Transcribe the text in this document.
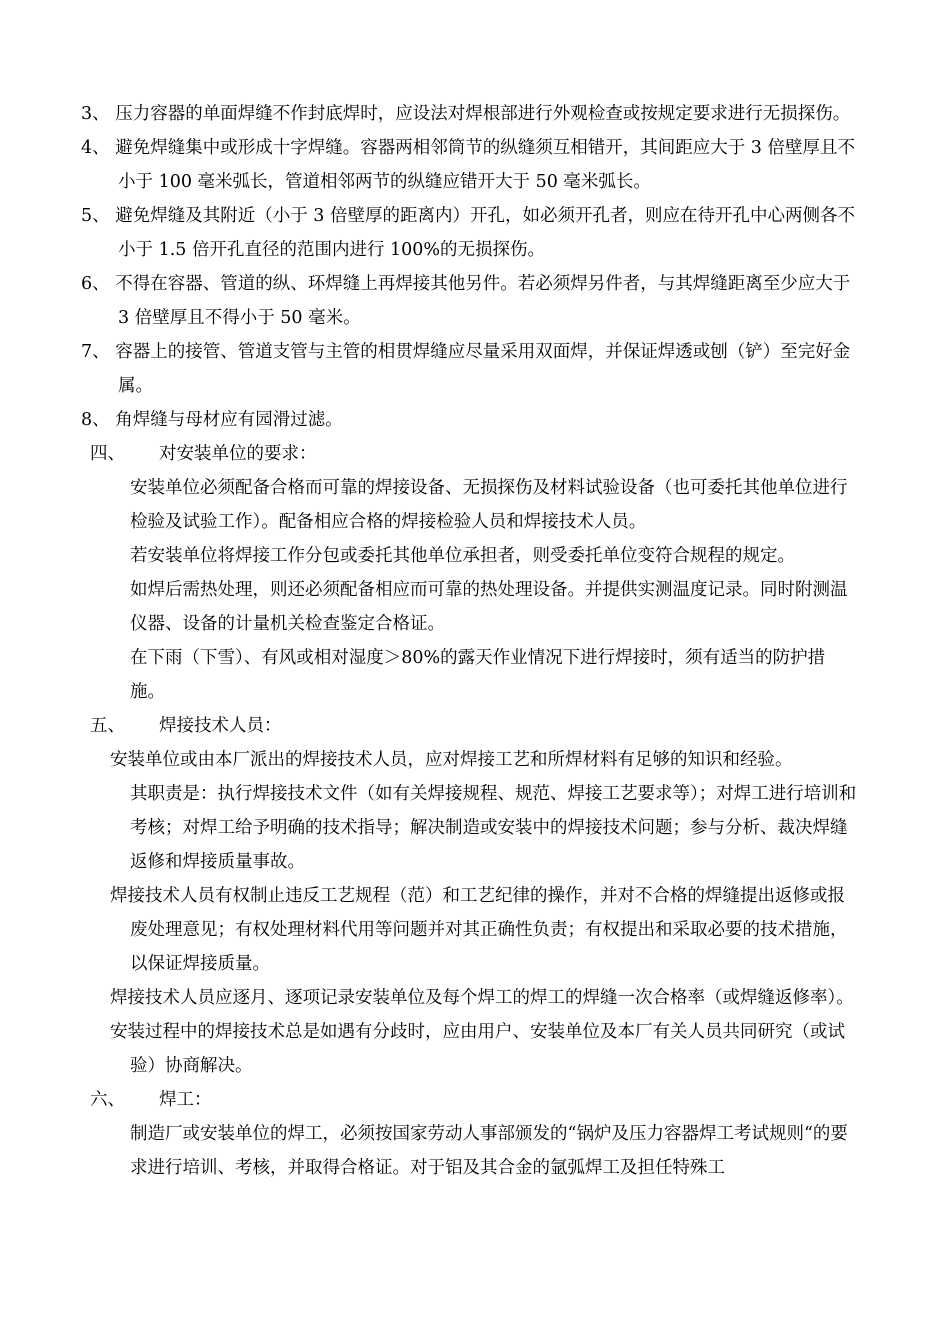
3、 压力容器的单面焊缝不作封底焊时，应设法对焊根部进行外观检查或按规定要求进行无损探伤。

4、 避免焊缝集中或形成十字焊缝。容器两相邻筒节的纵缝须互相错开，其间距应大于 3 倍壁厚且不小于 100 毫米弧长，管道相邻两节的纵缝应错开大于 50 毫米弧长。

5、 避免焊缝及其附近（小于 3 倍壁厚的距离内）开孔，如必须开孔者，则应在待开孔中心两侧各不小于 1.5 倍开孔直径的范围内进行 100%的无损探伤。

6、 不得在容器、管道的纵、环焊缝上再焊接其他另件。若必须焊另件者，与其焊缝距离至少应大于 3 倍壁厚且不得小于 50 毫米。

7、 容器上的接管、管道支管与主管的相贯焊缝应尽量采用双面焊，并保证焊透或刨（铲）至完好金属。

8、 角焊缝与母材应有园滑过滤。

四、 对安装单位的要求：

安装单位必须配备合格而可靠的焊接设备、无损探伤及材料试验设备（也可委托其他单位进行检验及试验工作）。配备相应合格的焊接检验人员和焊接技术人员。

若安装单位将焊接工作分包或委托其他单位承担者，则受委托单位变符合规程的规定。

如焊后需热处理，则还必须配备相应而可靠的热处理设备。并提供实测温度记录。同时附测温仪器、设备的计量机关检查鉴定合格证。

在下雨（下雪）、有风或相对湿度＞80%的露天作业情况下进行焊接时，须有适当的防护措施。

五、 焊接技术人员：

安装单位或由本厂派出的焊接技术人员，应对焊接工艺和所焊材料有足够的知识和经验。

其职责是：执行焊接技术文件（如有关焊接规程、规范、焊接工艺要求等）；对焊工进行培训和考核；对焊工给予明确的技术指导；解决制造或安装中的焊接技术问题；参与分析、裁决焊缝返修和焊接质量事故。

焊接技术人员有权制止违反工艺规程（范）和工艺纪律的操作，并对不合格的焊缝提出返修或报废处理意见；有权处理材料代用等问题并对其正确性负责；有权提出和采取必要的技术措施，以保证焊接质量。

焊接技术人员应逐月、逐项记录安装单位及每个焊工的焊工的焊缝一次合格率（或焊缝返修率）。

安装过程中的焊接技术总是如遇有分歧时，应由用户、安装单位及本厂有关人员共同研究（或试验）协商解决。

六、 焊工：

制造厂或安装单位的焊工，必须按国家劳动人事部颁发的“锅炉及压力容器焊工考试规则“的要求进行培训、考核，并取得合格证。对于铝及其合金的氩弧焊工及担任特殊工
